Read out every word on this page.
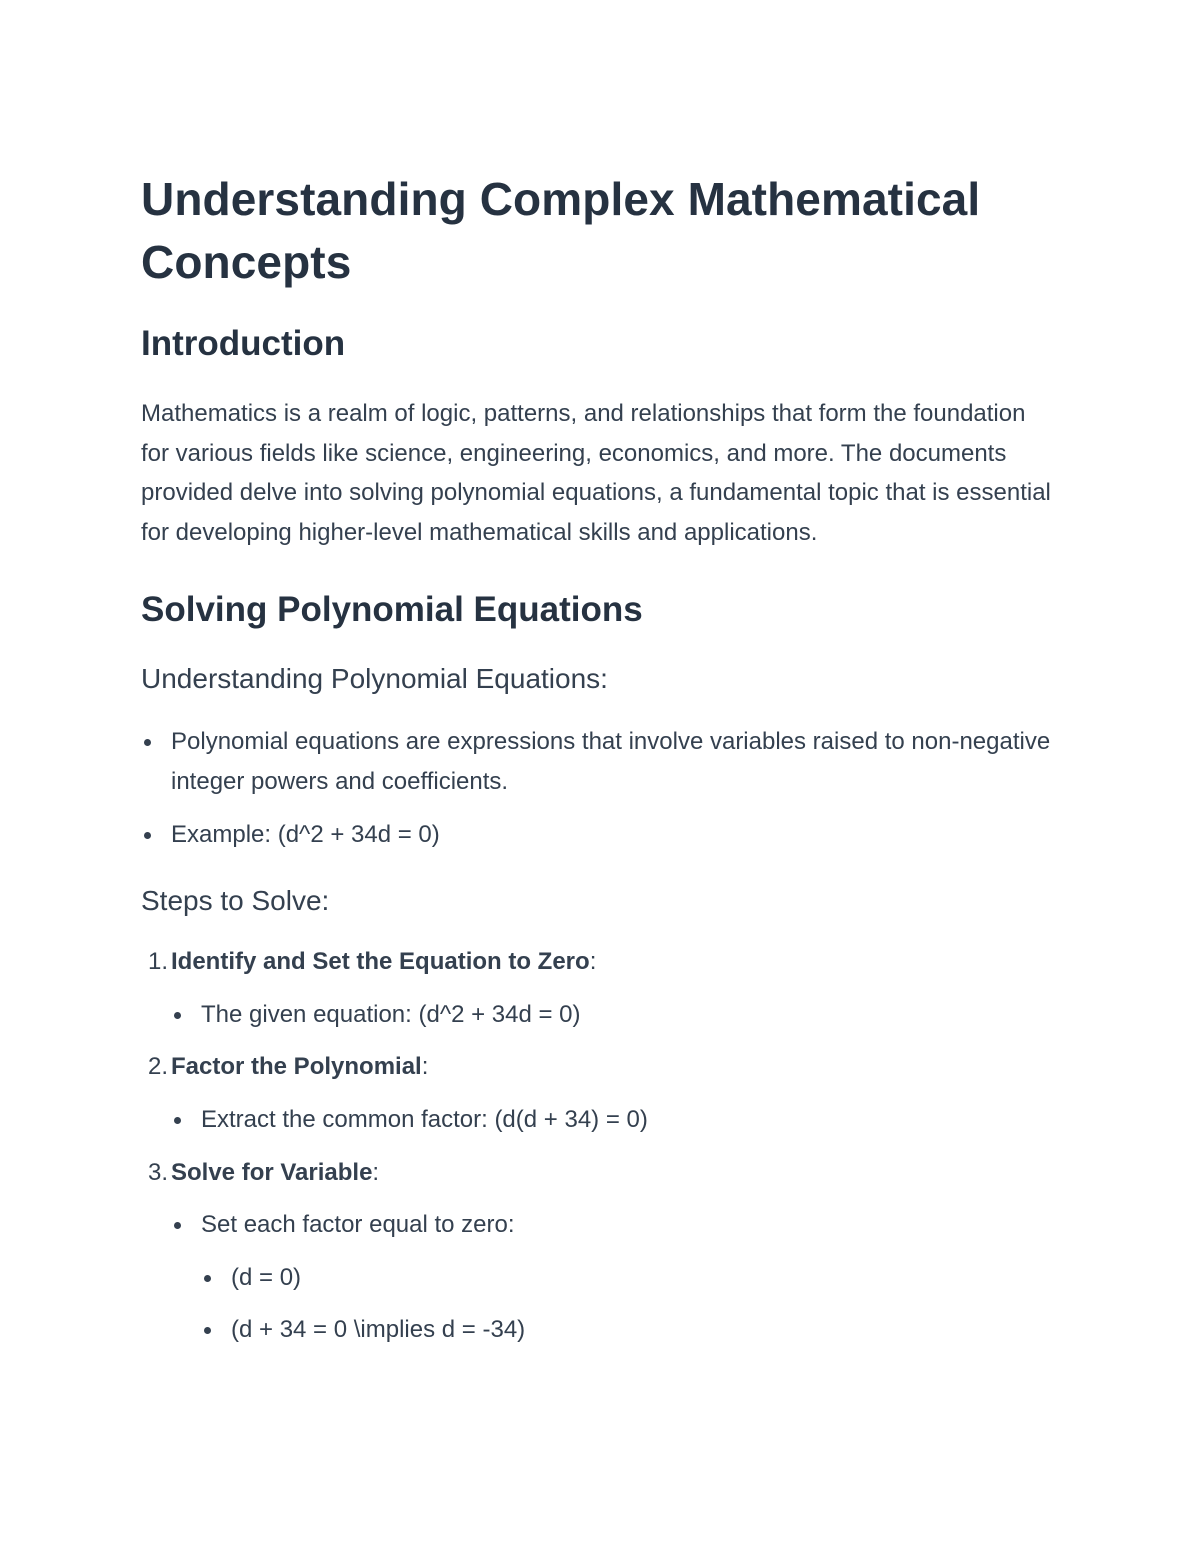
Understanding Complex Mathematical Concepts
Introduction

Mathematics is a realm of logic, patterns, and relationships that form the foundation for various fields like science, engineering, economics, and more. The documents provided delve into solving polynomial equations, a fundamental topic that is essential for developing higher-level mathematical skills and applications.

Solving Polynomial Equations
Understanding Polynomial Equations:
Polynomial equations are expressions that involve variables raised to non-negative integer powers and coefficients.
Example: (d^2 + 34d = 0)
Steps to Solve:
1. Identify and Set the Equation to Zero:
The given equation: (d^2 + 34d = 0)
2. Factor the Polynomial:
Extract the common factor: (d(d + 34) = 0)
3. Solve for Variable:
Set each factor equal to zero:
(d = 0)
(d + 34 = 0 \implies d = -34)
